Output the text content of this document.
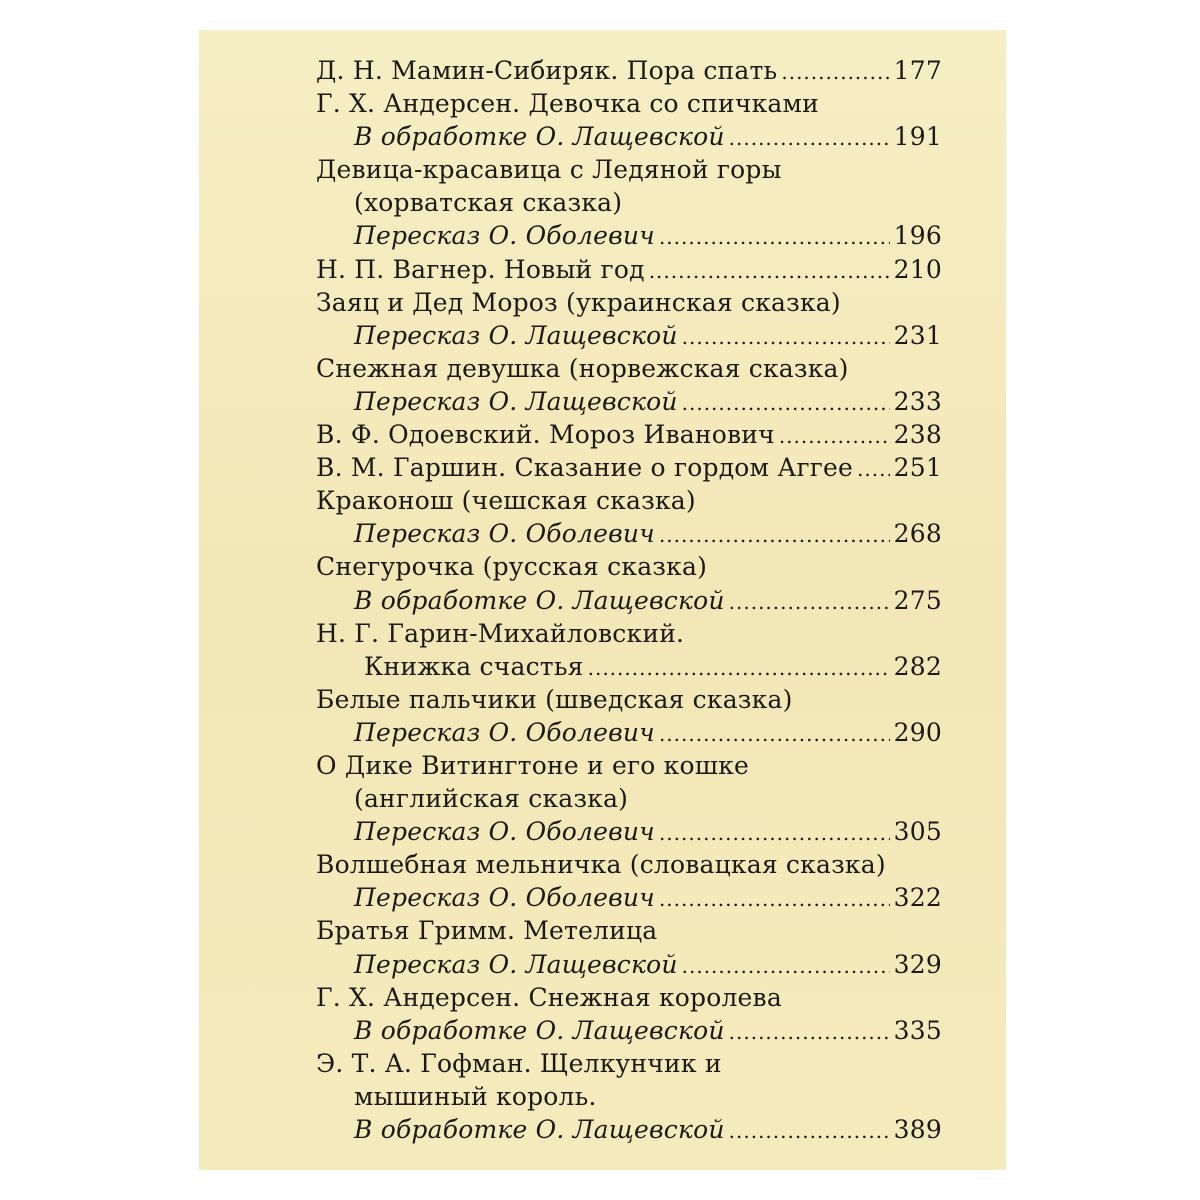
Д. Н. Мамин-Сибиряк. Пора спать .....	177
Г. Х. Андерсен. Девочка со спичками
В обработке О. Лащевской .....	191
Девица-красавица с Ледяной горы
(хорватская сказка)
Пересказ О. Оболевич .....	196
Н. П. Вагнер. Новый год .....	210
Заяц и Дед Мороз (украинская сказка)
Пересказ О. Лащевской .....	231
Снежная девушка (норвежская сказка)
Пересказ О. Лащевской .....	233
В. Ф. Одоевский. Мороз Иванович .....	238
В. М. Гаршин. Сказание о гордом Аггее ..... 251
Краконош (чешская сказка)
Пересказ О. Оболевич .....	268
Снегурочка (русская сказка)
В обработке О. Лащевской .....	275
Н. Г. Гарин-Михайловский.
Книжка счастья .....	282
Белые пальчики (шведская сказка)
Пересказ О. Оболевич .....	290
О Дике Витингтоне и его кошке
(английская сказка)
Пересказ О. Оболевич .....	305
Волшебная мельничка (словацкая сказка)
Пересказ О. Оболевич .....	322
Братья Гримм. Метелица
Пересказ О. Лащевской .....	329
Г. Х. Андерсен. Снежная королева
В обработке О. Лащевской .....	335
Э. Т. А. Гофман. Щелкунчик и
мышиный король.
В обработке О. Лащевской .....	389
